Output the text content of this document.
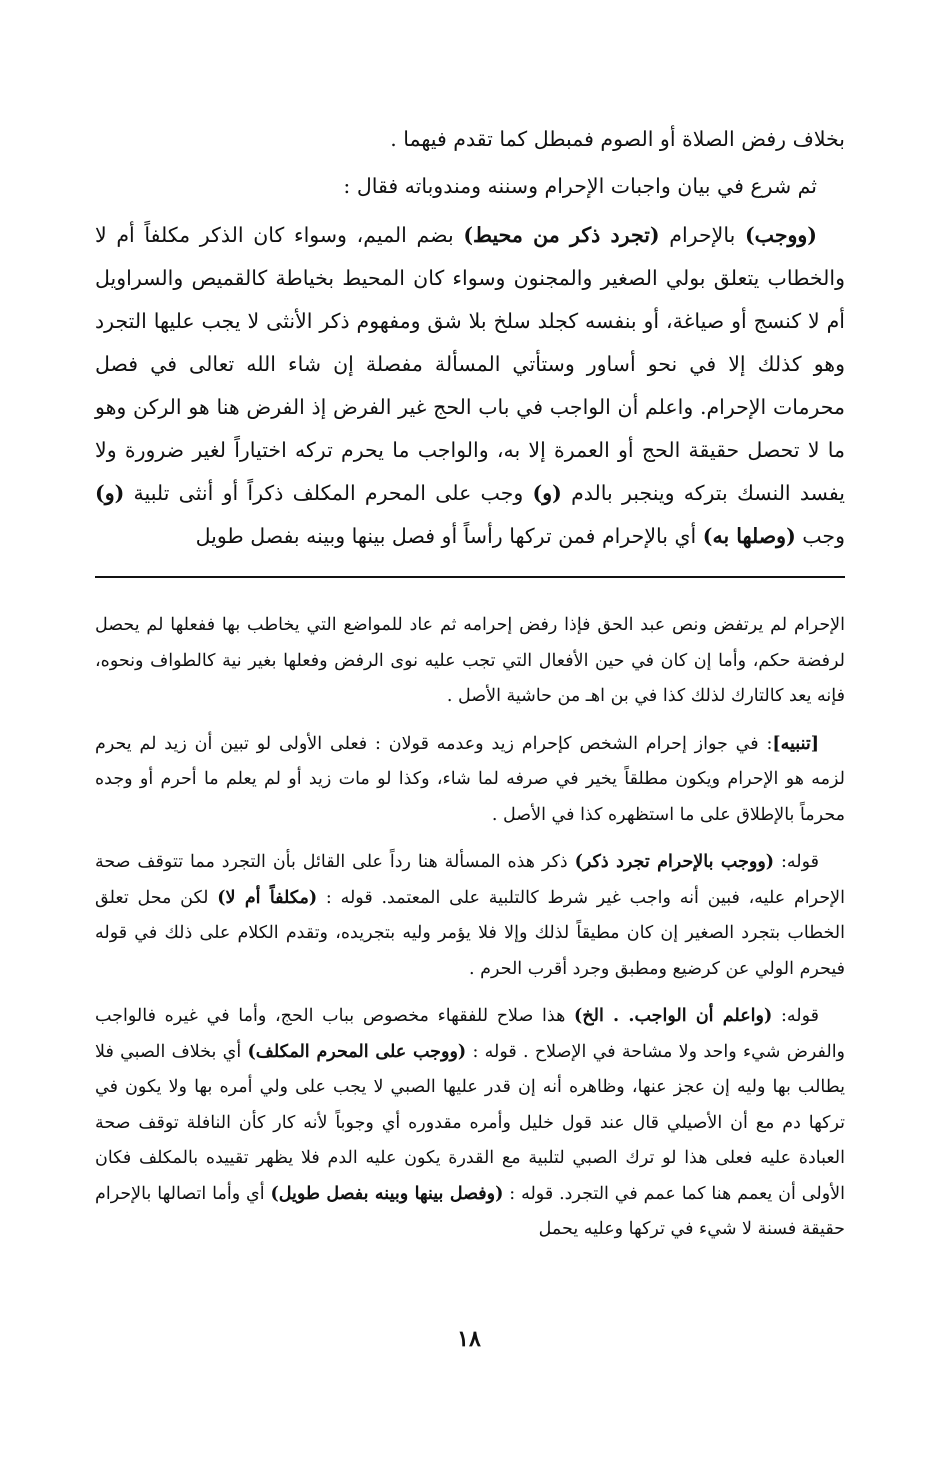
بخلاف رفض الصلاة أو الصوم فمبطل كما تقدم فيهما .

ثم شرع في بيان واجبات الإحرام وسننه ومندوباته فقال :

(ووجب) بالإحرام (تجرد ذكر من محيط) بضم الميم، وسواء كان الذكر مكلفاً أم لا والخطاب يتعلق بولي الصغير والمجنون وسواء كان المحيط بخياطة كالقميص والسراويل أم لا كنسج أو صياغة، أو بنفسه كجلد سلخ بلا شق ومفهوم ذكر الأنثى لا يجب عليها التجرد وهو كذلك إلا في نحو أساور وستأتي المسألة مفصلة إن شاء الله تعالى في فصل محرمات الإحرام. واعلم أن الواجب في باب الحج غير الفرض إذ الفرض هنا هو الركن وهو ما لا تحصل حقيقة الحج أو العمرة إلا به، والواجب ما يحرم تركه اختياراً لغير ضرورة ولا يفسد النسك بتركه وينجبر بالدم (و) وجب على المحرم المكلف ذكراً أو أنثى تلبية (و) وجب (وصلها به) أي بالإحرام فمن تركها رأساً أو فصل بينها وبينه بفصل طويل

الإحرام لم يرتفض ونص عبد الحق فإذا رفض إحرامه ثم عاد للمواضع التي يخاطب بها ففعلها لم يحصل لرفضة حكم، وأما إن كان في حين الأفعال التي تجب عليه نوى الرفض وفعلها بغير نية كالطواف ونحوه، فإنه يعد كالتارك لذلك كذا في بن اهـ من حاشية الأصل .

[تنبيه]: في جواز إحرام الشخص كإحرام زيد وعدمه قولان : فعلى الأولى لو تبين أن زيد لم يحرم لزمه هو الإحرام ويكون مطلقاً يخير في صرفه لما شاء، وكذا لو مات زيد أو لم يعلم ما أحرم أو وجده محرماً بالإطلاق على ما استظهره كذا في الأصل .

قوله: (ووجب بالإحرام تجرد ذكر) ذكر هذه المسألة هنا رداً على القائل بأن التجرد مما تتوقف صحة الإحرام عليه، فبين أنه واجب غير شرط كالتلبية على المعتمد. قوله : (مكلفاً أم لا) لكن محل تعلق الخطاب بتجرد الصغير إن كان مطيقاً لذلك وإلا فلا يؤمر وليه بتجريده، وتقدم الكلام على ذلك في قوله فيحرم الولي عن كرضيع ومطبق وجرد أقرب الحرم .

قوله: (واعلم أن الواجب. . الخ) هذا صلاح للفقهاء مخصوص بباب الحج، وأما في غيره فالواجب والفرض شيء واحد ولا مشاحة في الإصلاح . قوله : (ووجب على المحرم المكلف) أي بخلاف الصبي فلا يطالب بها وليه إن عجز عنها، وظاهره أنه إن قدر عليها الصبي لا يجب على ولي أمره بها ولا يكون في تركها دم مع أن الأصيلي قال عند قول خليل وأمره مقدوره أي وجوباً لأنه كار كأن النافلة توقف صحة العبادة عليه فعلى هذا لو ترك الصبي لتلبية مع القدرة يكون عليه الدم فلا يظهر تقييده بالمكلف فكان الأولى أن يعمم هنا كما عمم في التجرد. قوله : (وفصل بينها وبينه بفصل طويل) أي وأما اتصالها بالإحرام حقيقة فسنة لا شيء في تركها وعليه يحمل

١٨
